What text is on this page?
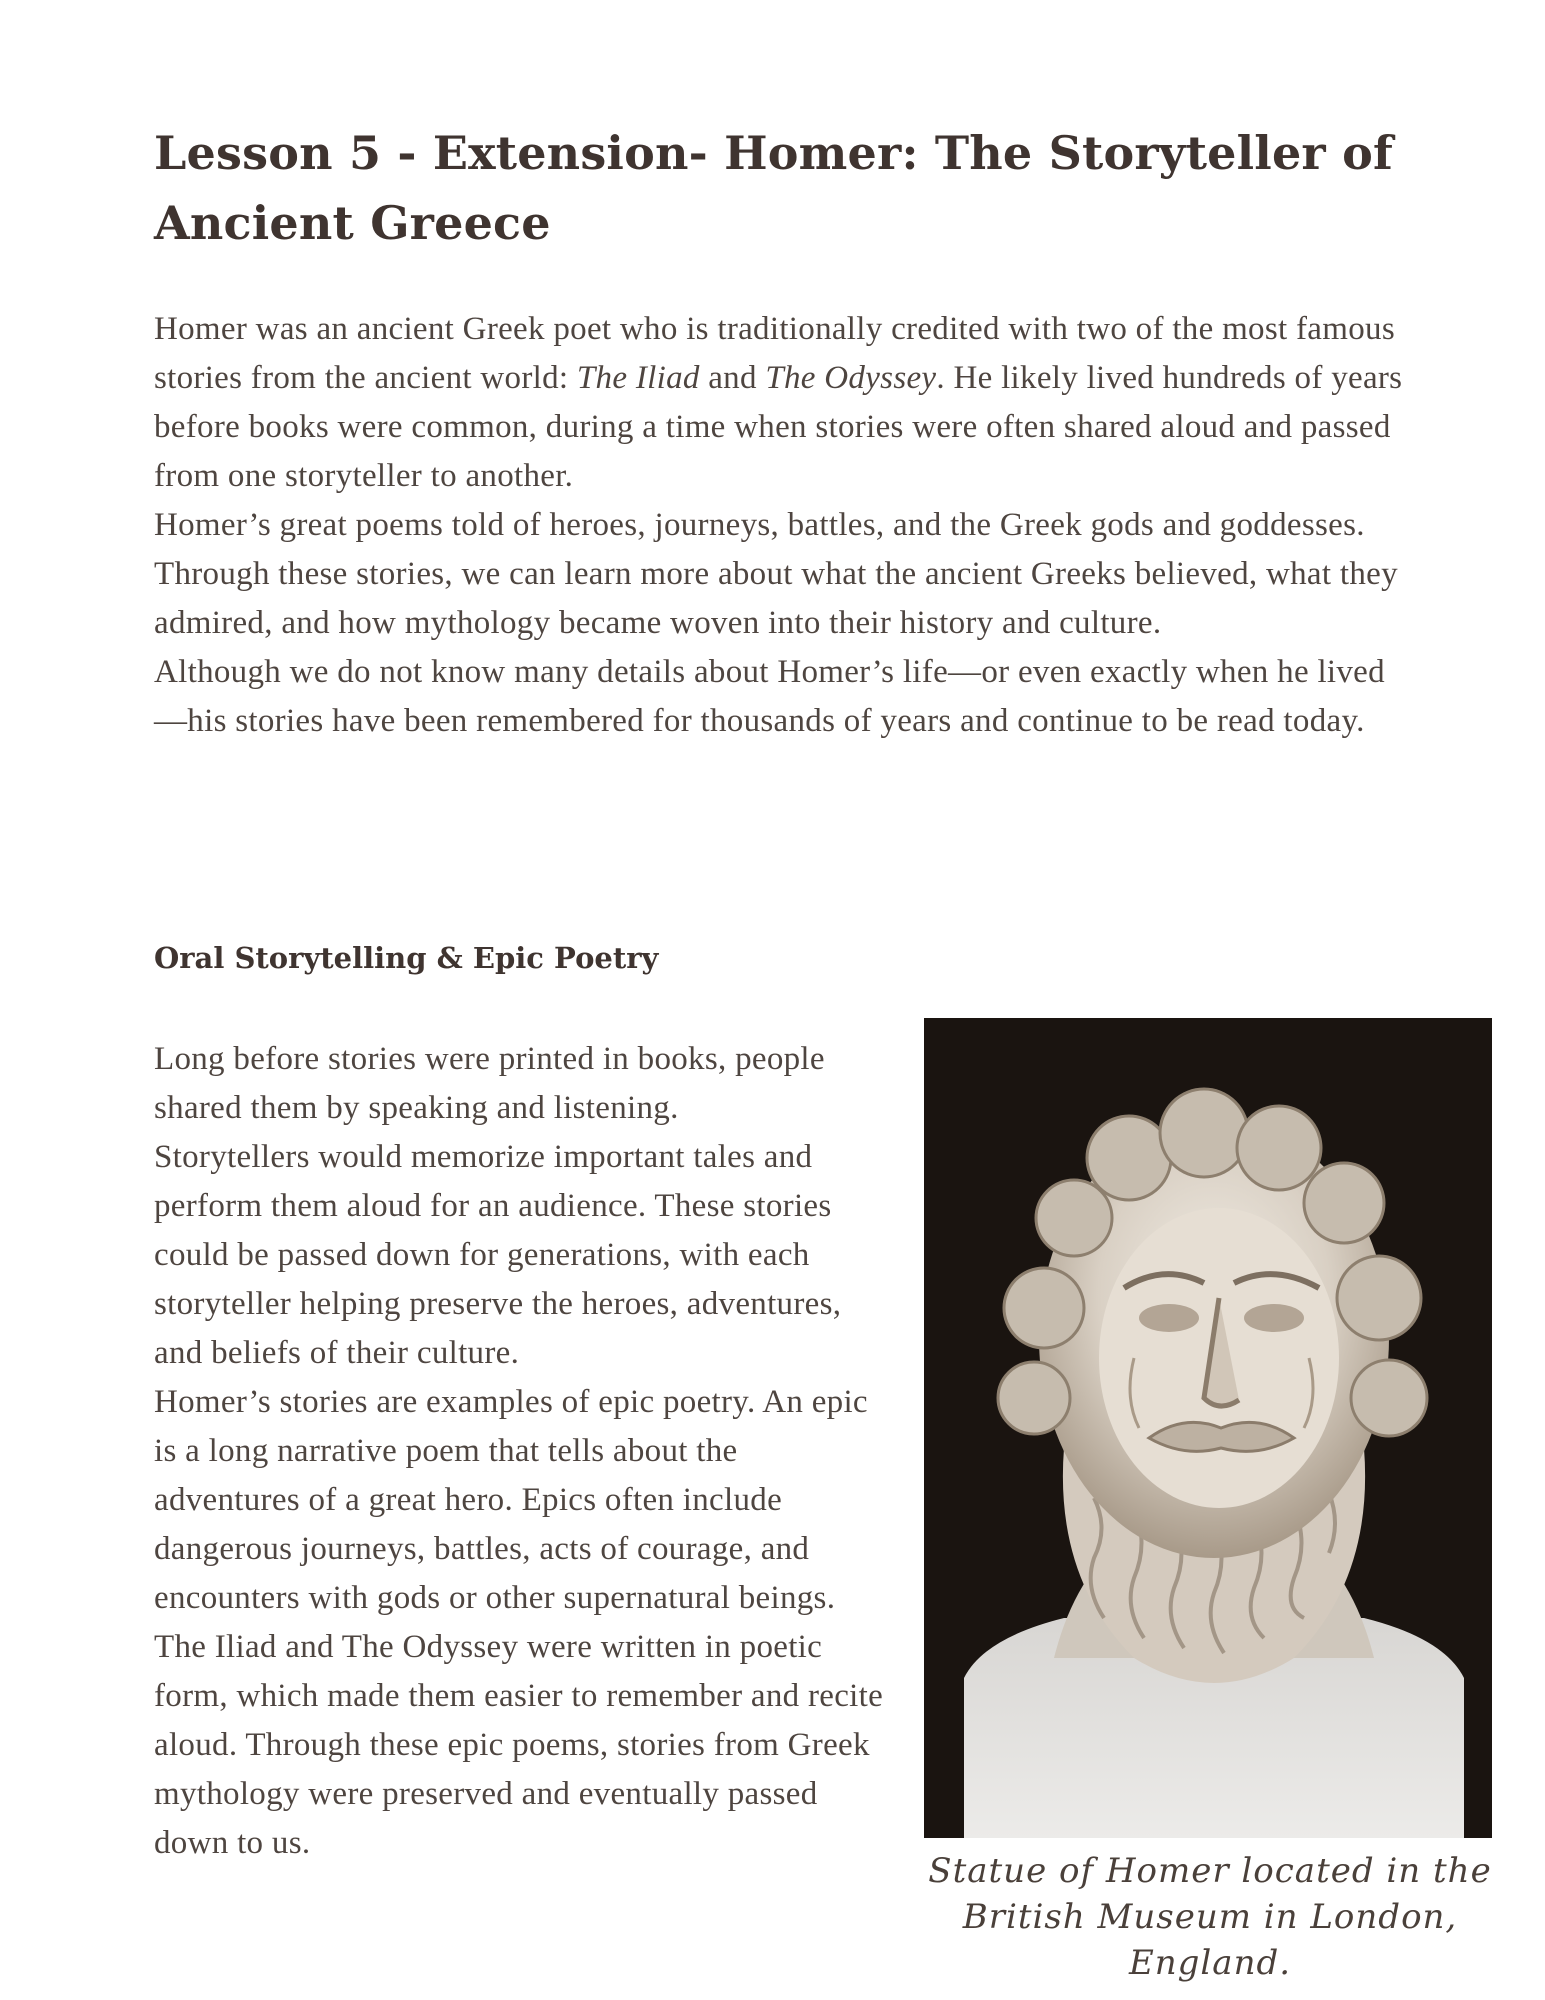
Lesson 5 - Extension- Homer: The Storyteller of Ancient Greece

Homer was an ancient Greek poet who is traditionally credited with two of the most famous stories from the ancient world: The Iliad and The Odyssey. He likely lived hundreds of years before books were common, during a time when stories were often shared aloud and passed from one storyteller to another.

Homer’s great poems told of heroes, journeys, battles, and the Greek gods and goddesses. Through these stories, we can learn more about what the ancient Greeks believed, what they admired, and how mythology became woven into their history and culture.

Although we do not know many details about Homer’s life—or even exactly when he lived—his stories have been remembered for thousands of years and continue to be read today.

Oral Storytelling & Epic Poetry

Long before stories were printed in books, people shared them by speaking and listening.

Storytellers would memorize important tales and perform them aloud for an audience. These stories could be passed down for generations, with each storyteller helping preserve the heroes, adventures, and beliefs of their culture.

Homer’s stories are examples of epic poetry. An epic is a long narrative poem that tells about the adventures of a great hero. Epics often include dangerous journeys, battles, acts of courage, and encounters with gods or other supernatural beings.

The Iliad and The Odyssey were written in poetic form, which made them easier to remember and recite aloud. Through these epic poems, stories from Greek mythology were preserved and eventually passed down to us.

Statue of Homer located in the British Museum in London, England.
